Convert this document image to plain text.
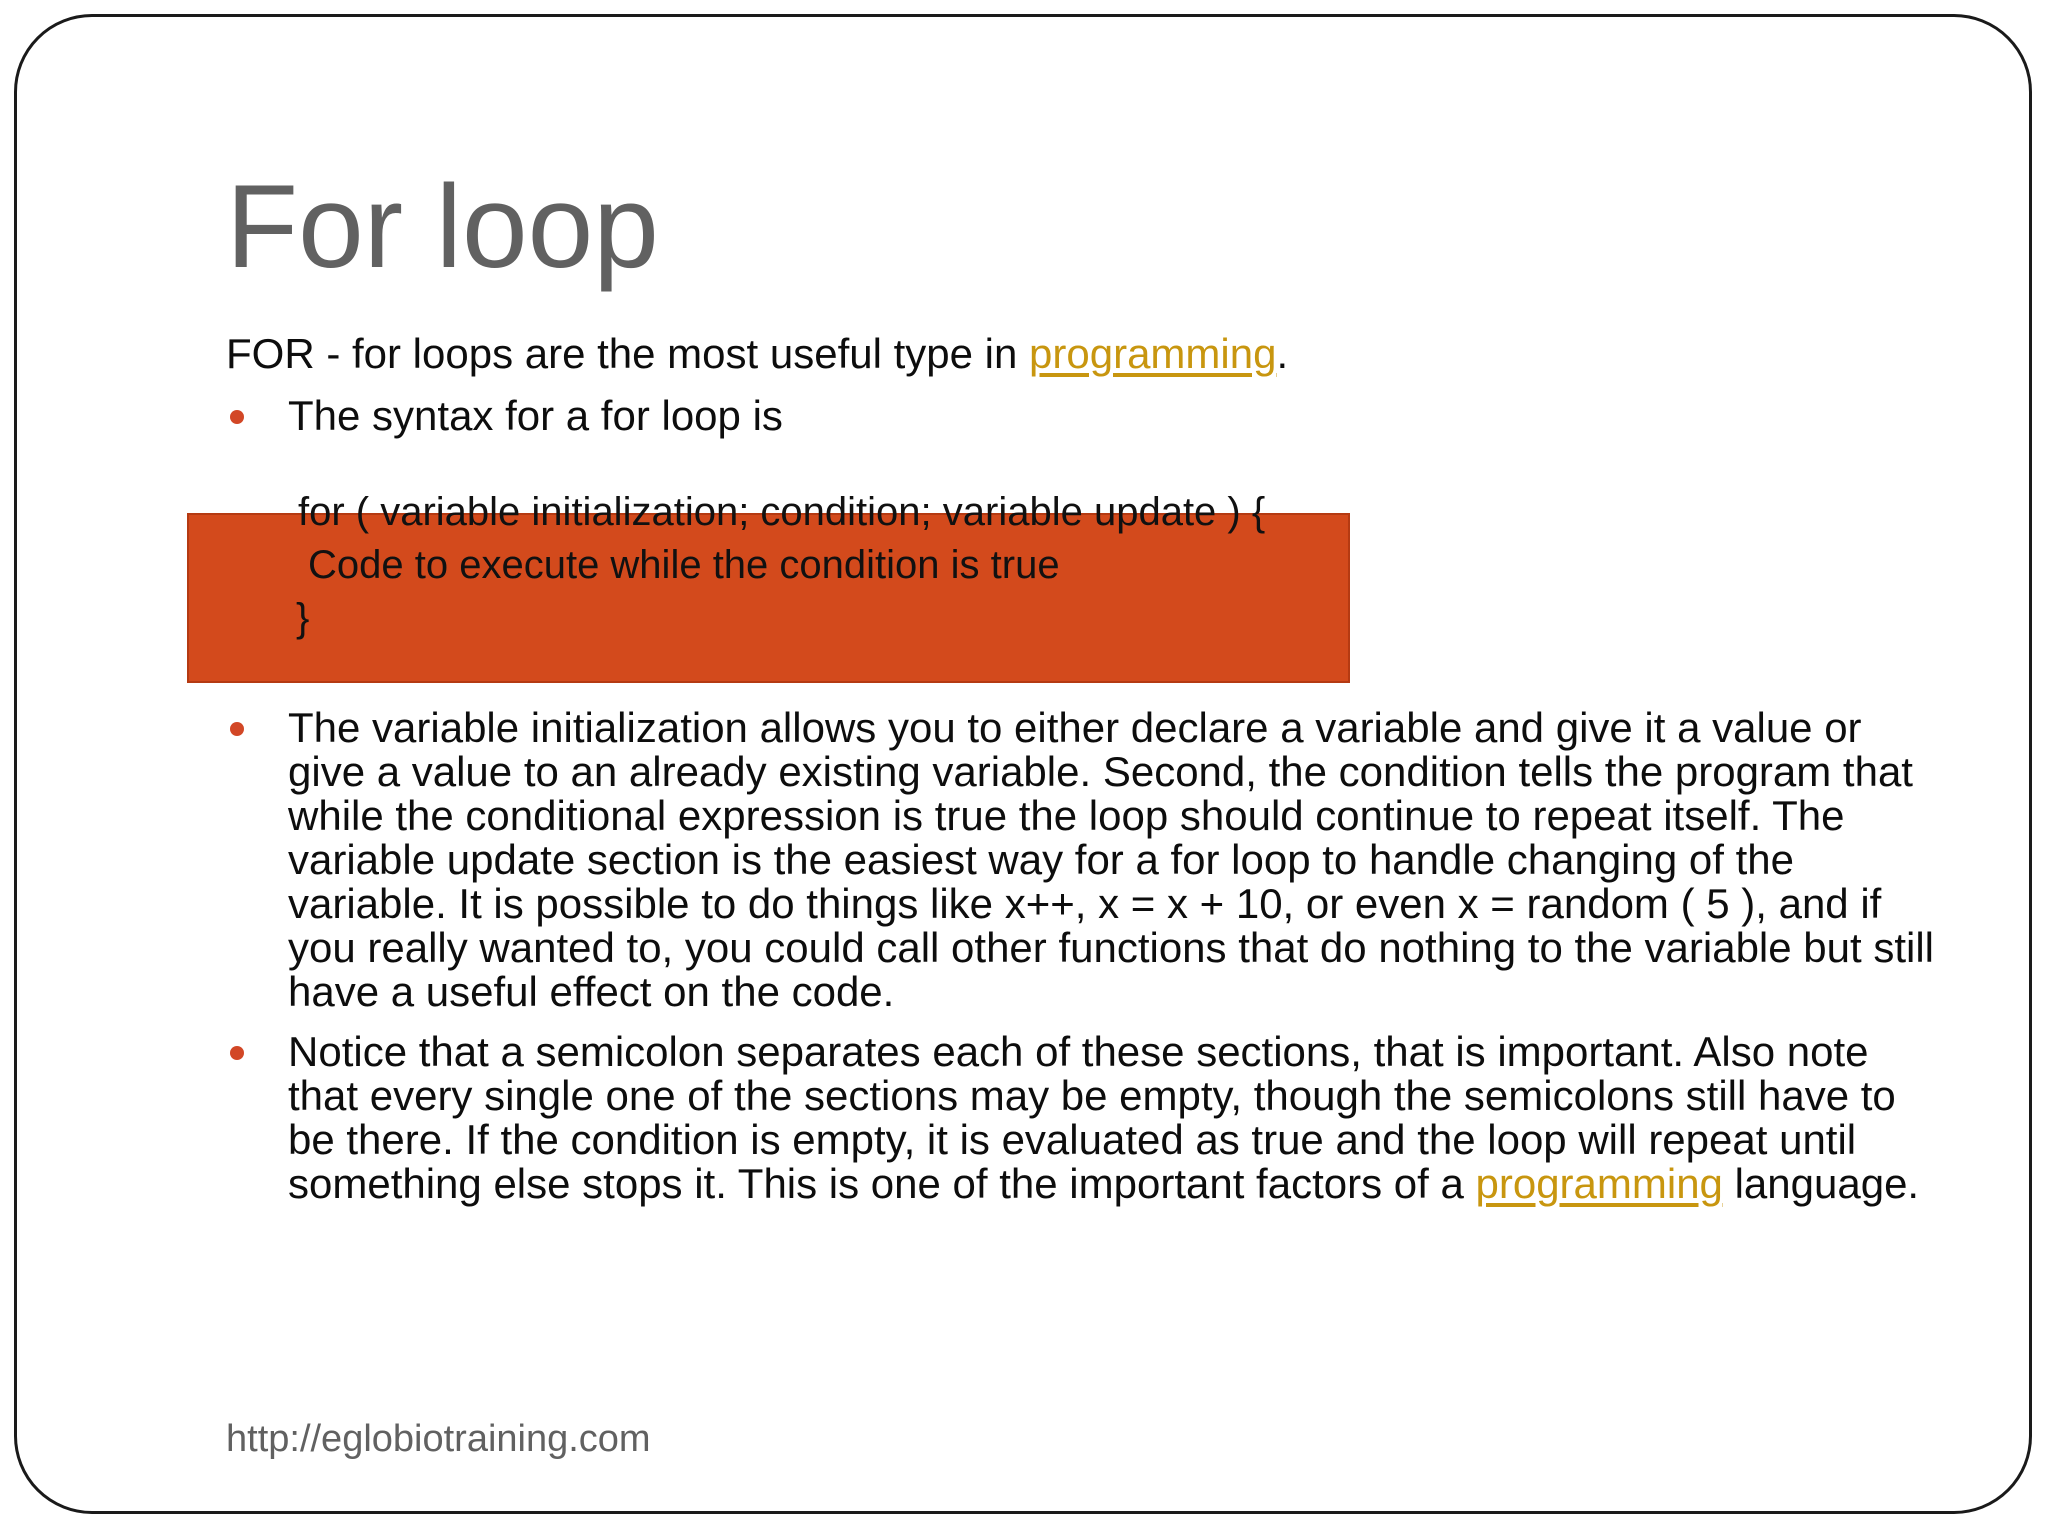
For loop
FOR - for loops are the most useful type in programming.
The syntax for a for loop is
for ( variable initialization; condition; variable update ) {
Code to execute while the condition is true
}
The variable initialization allows you to either declare a variable and give it a value or give a value to an already existing variable. Second, the condition tells the program that while the conditional expression is true the loop should continue to repeat itself. The variable update section is the easiest way for a for loop to handle changing of the variable. It is possible to do things like x++, x = x + 10, or even x = random ( 5 ), and if you really wanted to, you could call other functions that do nothing to the variable but still have a useful effect on the code.
Notice that a semicolon separates each of these sections, that is important. Also note that every single one of the sections may be empty, though the semicolons still have to be there. If the condition is empty, it is evaluated as true and the loop will repeat until something else stops it. This is one of the important factors of a programming language.
http://eglobiotraining.com
